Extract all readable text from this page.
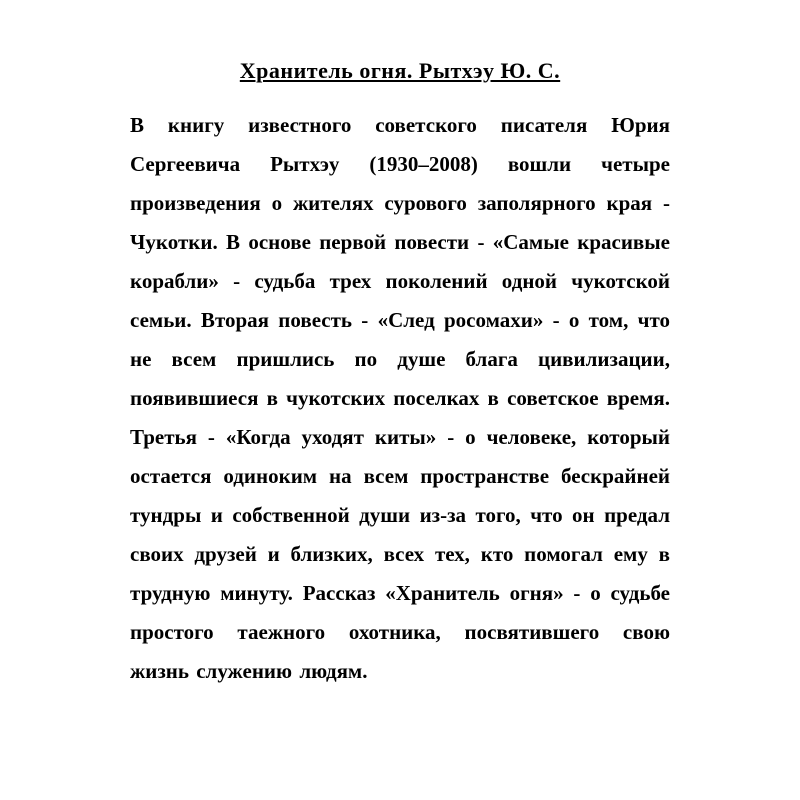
Хранитель огня. Рытхэу Ю. С.

В книгу известного советского писателя Юрия Сергеевича Рытхэу (1930–2008) вошли четыре произведения о жителях сурового заполярного края - Чукотки. В основе первой повести - «Самые красивые корабли» - судьба трех поколений одной чукотской семьи. Вторая повесть - «След росомахи» - о том, что не всем пришлись по душе блага цивилизации, появившиеся в чукотских поселках в советское время. Третья - «Когда уходят киты» - о человеке, который остается одиноким на всем пространстве бескрайней тундры и собственной души из-за того, что он предал своих друзей и близких, всех тех, кто помогал ему в трудную минуту. Рассказ «Хранитель огня» - о судьбе простого таежного охотника, посвятившего свою жизнь служению людям.
